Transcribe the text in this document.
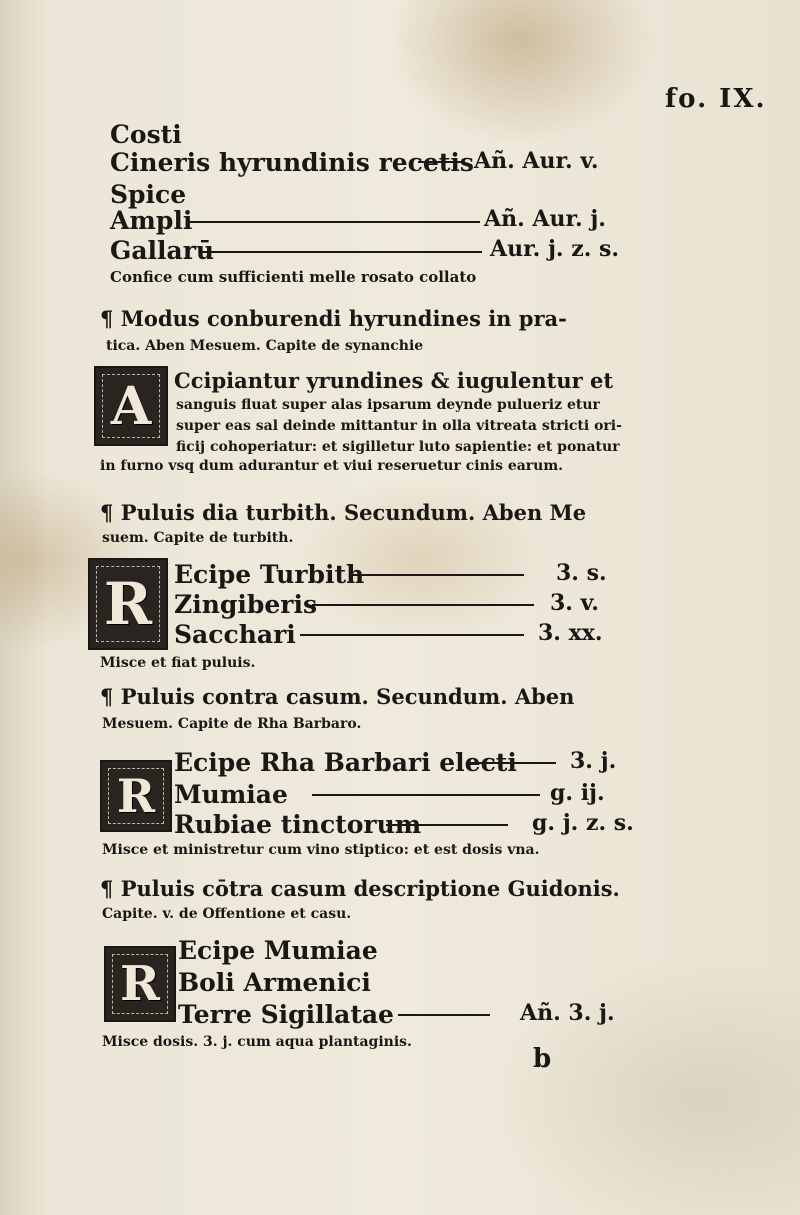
fo. IX.
Costi
Cineris hyrundinis recetis Añ. Aur. v.
Spice
Ampli	Añ. Aur. j.
Gallarū	Aur. j. z. s.
Confice cum sufficienti melle rosato collato
¶ Modus conburendi hyrundines in pra-
tica. Aben Mesuem. Capite de synanchie
A Ccipiantur yrundines & iugulentur et
sanguis fluat super alas ipsarum deynde pulueriz etur
super eas sal deinde mittantur in olla vitreata stricti ori-
ficij cohoperiatur: et sigilletur luto sapientie: et ponatur
in furno vsq dum adurantur et viui reseruetur cinis earum.
¶ Puluis dia turbith. Secundum. Aben Me
suem. Capite de turbith.
R Ecipe Turbith	3. s.
Zingiberis	3. v.
Sacchari	3. xx.
Misce et fiat puluis.
¶ Puluis contra casum. Secundum. Aben
Mesuem. Capite de Rha Barbaro.
R
Ecipe Rha Barbari electi 3. j.
Mumiae	g. ij.
Rubiae tinctorum	g. j. z. s.
Misce et ministretur cum vino stiptico: et est dosis vna.
¶ Puluis cōtra casum descriptione Guidonis.
Capite. v. de Offentione et casu.
R
Ecipe Mumiae
Boli Armenici
Terre Sigillatae	Añ. 3. j.
Misce dosis. 3. j. cum aqua plantaginis.
b
